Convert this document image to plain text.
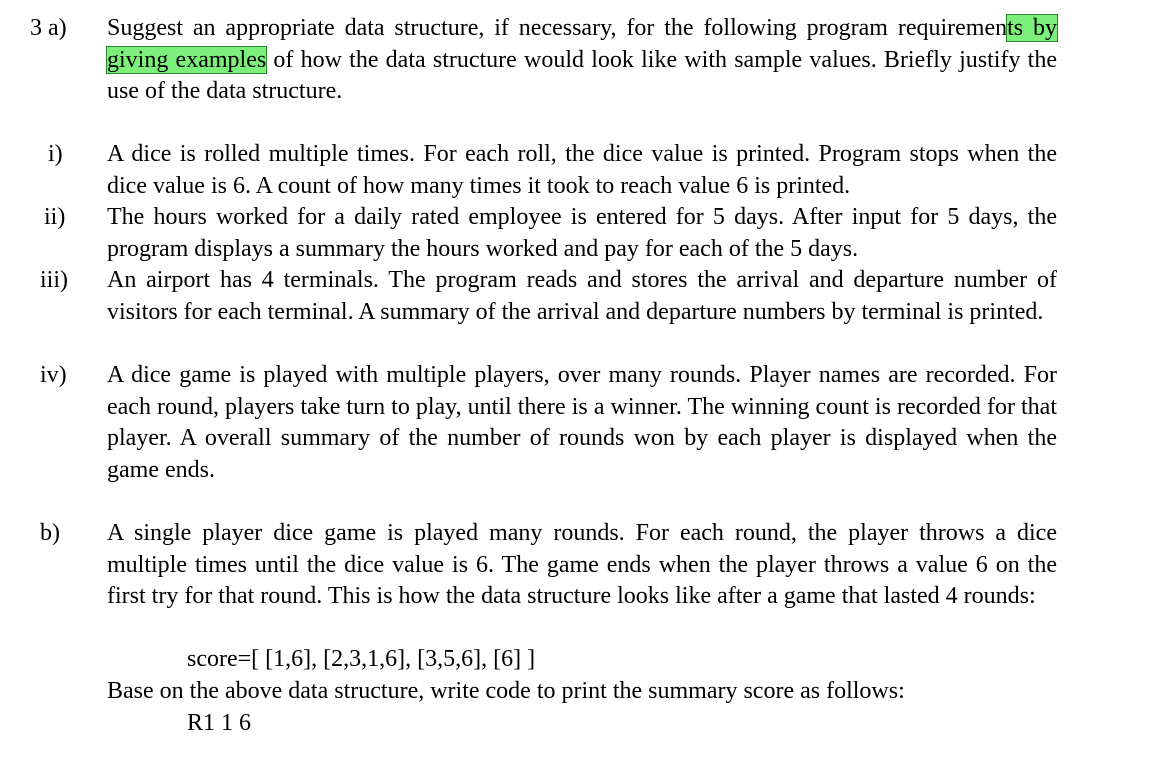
3 a) Suggest an appropriate data structure, if necessary, for the following program requirements by giving examples of how the data structure would look like with sample values. Briefly justify the use of the data structure.
i) A dice is rolled multiple times. For each roll, the dice value is printed. Program stops when the dice value is 6. A count of how many times it took to reach value 6 is printed.
ii) The hours worked for a daily rated employee is entered for 5 days. After input for 5 days, the program displays a summary the hours worked and pay for each of the 5 days.
iii) An airport has 4 terminals. The program reads and stores the arrival and departure number of visitors for each terminal. A summary of the arrival and departure numbers by terminal is printed.
iv) A dice game is played with multiple players, over many rounds. Player names are recorded. For each round, players take turn to play, until there is a winner. The winning count is recorded for that player. A overall summary of the number of rounds won by each player is displayed when the game ends.
b) A single player dice game is played many rounds. For each round, the player throws a dice multiple times until the dice value is 6. The game ends when the player throws a value 6 on the first try for that round. This is how the data structure looks like after a game that lasted 4 rounds:
score=[ [1,6], [2,3,1,6], [3,5,6], [6] ]
Base on the above data structure, write code to print the summary score as follows:
R1 1 6
